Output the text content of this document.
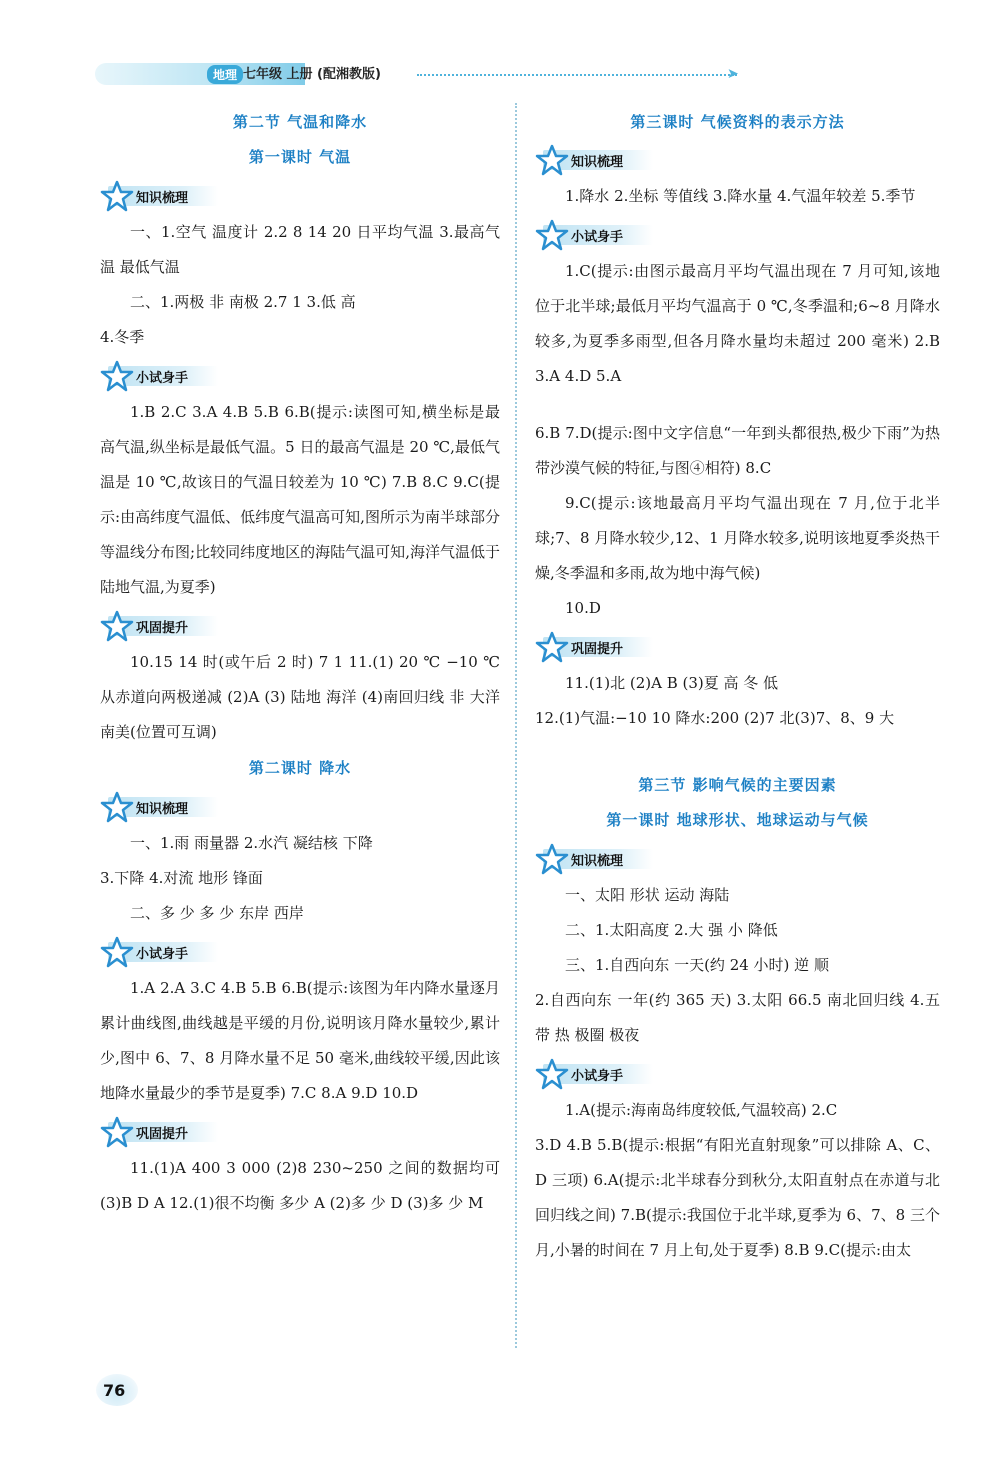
地理 七年级 上册 (配湘教版)	➤
第二节 气温和降水
第一课时 气温
知识梳理

一、1.空气 温度计 2.2 8 14 20 日平均气温 3.最高气温 最低气温

二、1.两极 非 南极 2.7 1 3.低 高

4.冬季

小试身手

1.B 2.C 3.A 4.B 5.B 6.B(提示:读图可知,横坐标是最高气温,纵坐标是最低气温。5 日的最高气温是 20 ℃,最低气温是 10 ℃,故该日的气温日较差为 10 ℃) 7.B 8.C 9.C(提示:由高纬度气温低、低纬度气温高可知,图所示为南半球部分等温线分布图;比较同纬度地区的海陆气温可知,海洋气温低于陆地气温,为夏季)

巩固提升

10.15 14 时(或午后 2 时) 7 1 11.(1) 20 ℃ −10 ℃ 从赤道向两极递减 (2)A (3) 陆地 海洋 (4)南回归线 非 大洋 南美(位置可互调)

第二课时 降水
知识梳理

一、1.雨 雨量器 2.水汽 凝结核 下降

3.下降 4.对流 地形 锋面

二、多 少 多 少 东岸 西岸

小试身手

1.A 2.A 3.C 4.B 5.B 6.B(提示:该图为年内降水量逐月累计曲线图,曲线越是平缓的月份,说明该月降水量较少,累计少,图中 6、7、8 月降水量不足 50 毫米,曲线较平缓,因此该地降水量最少的季节是夏季) 7.C 8.A 9.D 10.D

巩固提升

11.(1)A 400 3 000 (2)8 230~250 之间的数据均可 (3)B D A 12.(1)很不均衡 多少 A (2)多 少 D (3)多 少 M

第三课时 气候资料的表示方法
知识梳理

1.降水 2.坐标 等值线 3.降水量 4.气温年较差 5.季节

小试身手

1.C(提示:由图示最高月平均气温出现在 7 月可知,该地位于北半球;最低月平均气温高于 0 ℃,冬季温和;6~8 月降水较多,为夏季多雨型,但各月降水量均未超过 200 毫米) 2.B 3.A 4.D 5.A

6.B 7.D(提示:图中文字信息“一年到头都很热,极少下雨”为热带沙漠气候的特征,与图④相符) 8.C

9.C(提示:该地最高月平均气温出现在 7 月,位于北半球;7、8 月降水较少,12、1 月降水较多,说明该地夏季炎热干燥,冬季温和多雨,故为地中海气候)

10.D

巩固提升

11.(1)北 (2)A B (3)夏 高 冬 低

12.(1)气温:−10 10 降水:200 (2)7 北(3)7、8、9 大

第三节 影响气候的主要因素
第一课时 地球形状、地球运动与气候
知识梳理

一、太阳 形状 运动 海陆

二、1.太阳高度 2.大 强 小 降低

三、1.自西向东 一天(约 24 小时) 逆 顺

2.自西向东 一年(约 365 天) 3.太阳 66.5 南北回归线 4.五带 热 极圈 极夜

小试身手

1.A(提示:海南岛纬度较低,气温较高) 2.C

3.D 4.B 5.B(提示:根据“有阳光直射现象”可以排除 A、C、D 三项) 6.A(提示:北半球春分到秋分,太阳直射点在赤道与北回归线之间) 7.B(提示:我国位于北半球,夏季为 6、7、8 三个月,小暑的时间在 7 月上旬,处于夏季) 8.B 9.C(提示:由太

76
